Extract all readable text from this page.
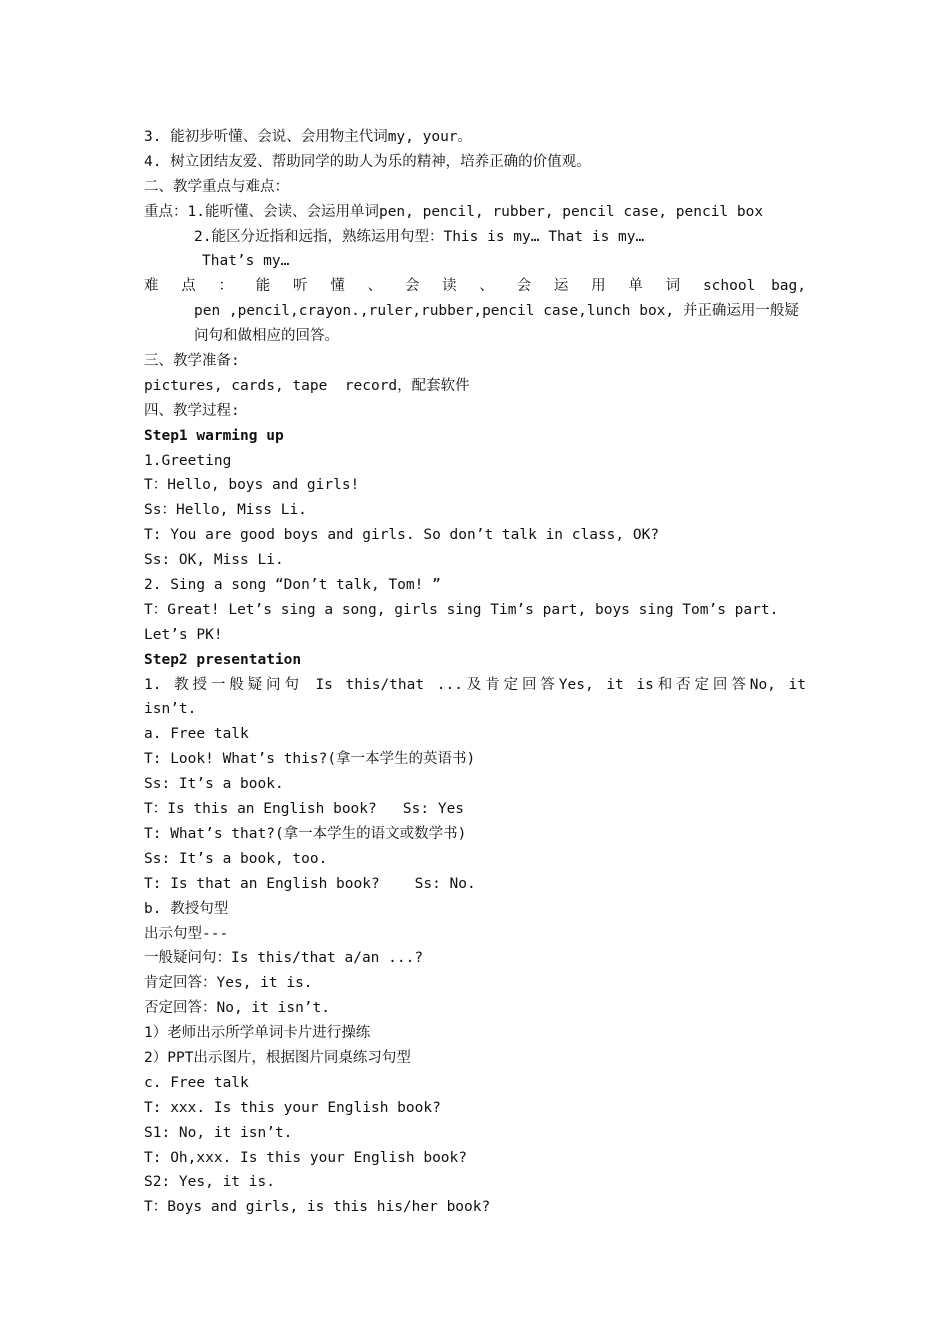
3. 能初步听懂、会说、会用物主代词my, your。
4. 树立团结友爱、帮助同学的助人为乐的精神，培养正确的价值观。
二、教学重点与难点：
重点：1.能听懂、会读、会运用单词pen, pencil, rubber, pencil case, pencil box
2.能区分近指和远指，熟练运用句型：This is my… That is my…
That’s my…
难 点 ： 能 听 懂 、 会 读 、 会 运 用 单 词 school bag,
pen ,pencil,crayon.,ruler,rubber,pencil case,lunch box, 并正确运用一般疑
问句和做相应的回答。
三、教学准备:
pictures, cards, tape  record，配套软件
四、教学过程:
Step1 warming up
1.Greeting
T：Hello, boys and girls!
Ss：Hello, Miss Li.
T: You are good boys and girls. So don’t talk in class, OK?
Ss: OK, Miss Li.
2. Sing a song “Don’t talk, Tom! ”
T：Great! Let’s sing a song, girls sing Tim’s part, boys sing Tom’s part.
Let’s PK!
Step2 presentation
1. 教授一般疑问句 Is this/that ...及肯定回答Yes, it is和否定回答No, it
isn’t.
a. Free talk
T: Look! What’s this?(拿一本学生的英语书)
Ss: It’s a book.
T：Is this an English book?   Ss: Yes
T: What’s that?(拿一本学生的语文或数学书)
Ss: It’s a book, too.
T: Is that an English book?    Ss: No.
b. 教授句型
出示句型---
一般疑问句：Is this/that a/an ...?
肯定回答：Yes, it is.
否定回答：No, it isn’t.
1）老师出示所学单词卡片进行操练
2）PPT出示图片，根据图片同桌练习句型
c. Free talk
T: xxx. Is this your English book?
S1: No, it isn’t.
T: Oh,xxx. Is this your English book?
S2: Yes, it is.
T：Boys and girls, is this his/her book?
